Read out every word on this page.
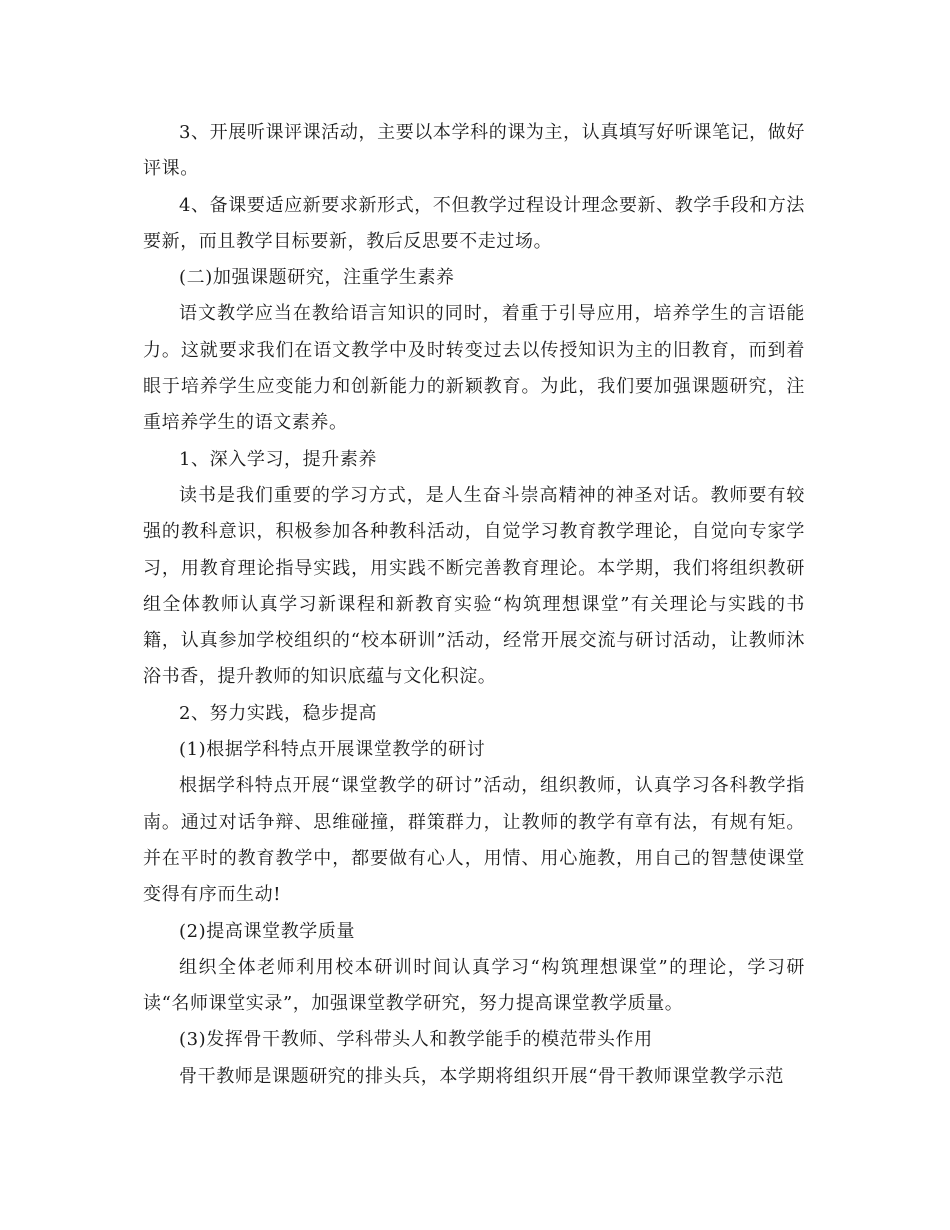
3、开展听课评课活动，主要以本学科的课为主，认真填写好听课笔记，做好评课。

4、备课要适应新要求新形式，不但教学过程设计理念要新、教学手段和方法要新，而且教学目标要新，教后反思要不走过场。

(二)加强课题研究，注重学生素养

语文教学应当在教给语言知识的同时，着重于引导应用，培养学生的言语能力。这就要求我们在语文教学中及时转变过去以传授知识为主的旧教育，而到着眼于培养学生应变能力和创新能力的新颖教育。为此，我们要加强课题研究，注重培养学生的语文素养。

1、深入学习，提升素养

读书是我们重要的学习方式，是人生奋斗崇高精神的神圣对话。教师要有较强的教科意识，积极参加各种教科活动，自觉学习教育教学理论，自觉向专家学习，用教育理论指导实践，用实践不断完善教育理论。本学期，我们将组织教研组全体教师认真学习新课程和新教育实验“构筑理想课堂”有关理论与实践的书籍，认真参加学校组织的“校本研训”活动，经常开展交流与研讨活动，让教师沐浴书香，提升教师的知识底蕴与文化积淀。

2、努力实践，稳步提高

(1)根据学科特点开展课堂教学的研讨

根据学科特点开展“课堂教学的研讨”活动，组织教师，认真学习各科教学指南。通过对话争辩、思维碰撞，群策群力，让教师的教学有章有法，有规有矩。并在平时的教育教学中，都要做有心人，用情、用心施教，用自己的智慧使课堂变得有序而生动!

(2)提高课堂教学质量

组织全体老师利用校本研训时间认真学习“构筑理想课堂”的理论，学习研读“名师课堂实录”，加强课堂教学研究，努力提高课堂教学质量。

(3)发挥骨干教师、学科带头人和教学能手的模范带头作用

骨干教师是课题研究的排头兵，本学期将组织开展“骨干教师课堂教学示范
